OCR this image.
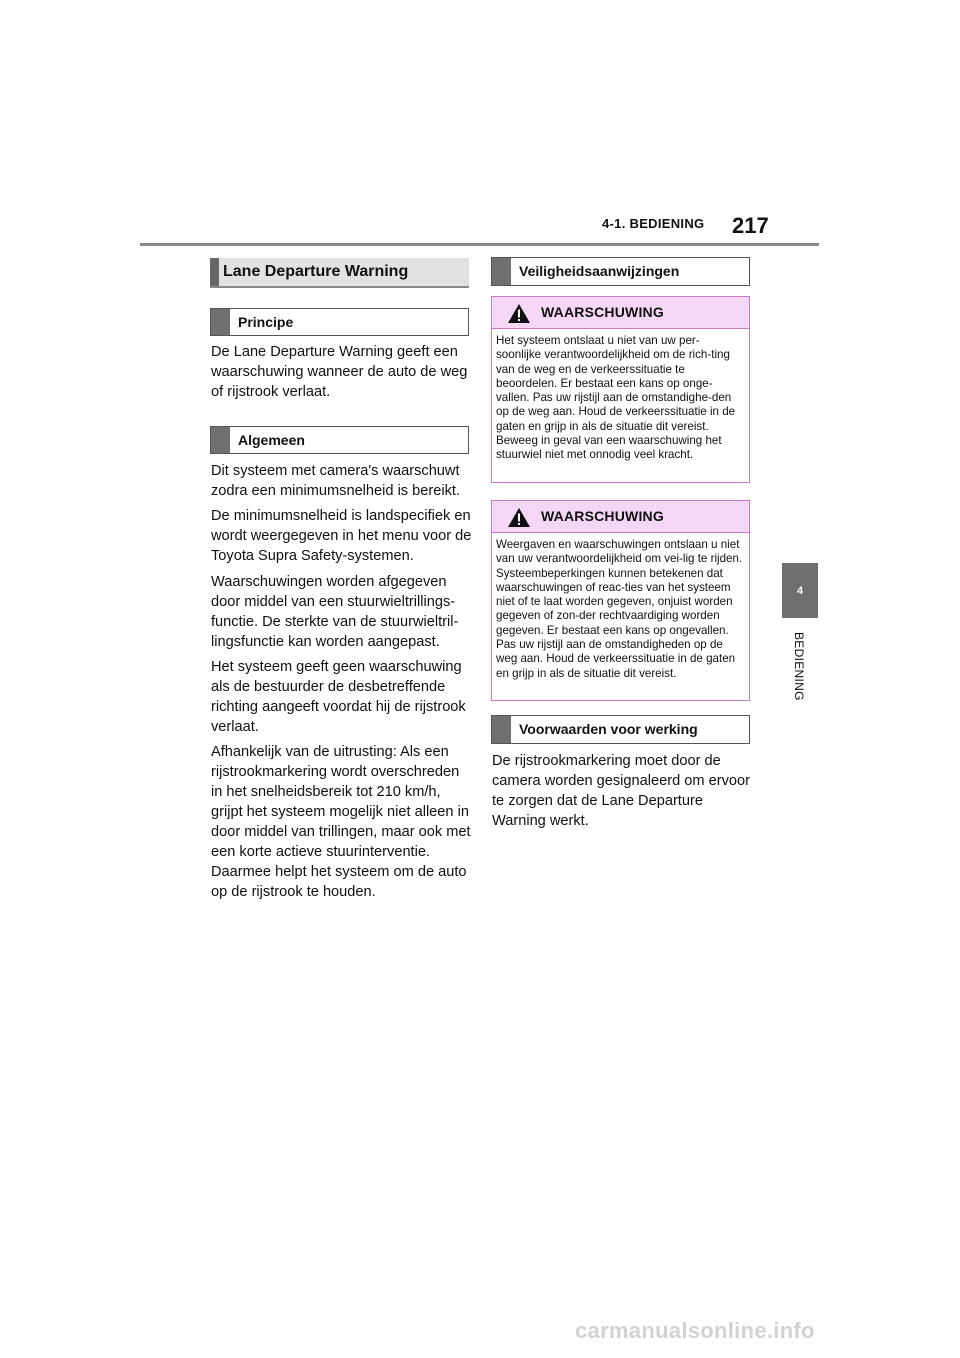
4-1. BEDIENING 217
4
BEDIENING
Lane Departure Warning
Principe
De Lane Departure Warning geeft een waarschuwing wanneer de auto de weg of rijstrook verlaat.
Algemeen
Dit systeem met camera's waarschuwt zodra een minimumsnelheid is bereikt.
De minimumsnelheid is landspecifiek en wordt weergegeven in het menu voor de Toyota Supra Safety-systemen.
Waarschuwingen worden afgegeven door middel van een stuurwieltrillings-functie. De sterkte van de stuurwieltril-lingsfunctie kan worden aangepast.
Het systeem geeft geen waarschuwing als de bestuurder de desbetreffende richting aangeeft voordat hij de rijstrook verlaat.
Afhankelijk van de uitrusting: Als een rijstrookmarkering wordt overschreden in het snelheidsbereik tot 210 km/h, grijpt het systeem mogelijk niet alleen in door middel van trillingen, maar ook met een korte actieve stuurinterventie. Daarmee helpt het systeem om de auto op de rijstrook te houden.
Veiligheidsaanwijzingen
WAARSCHUWING
Het systeem ontslaat u niet van uw per-soonlijke verantwoordelijkheid om de rich-ting van de weg en de verkeerssituatie te beoordelen. Er bestaat een kans op onge-vallen. Pas uw rijstijl aan de omstandighe-den op de weg aan. Houd de verkeerssituatie in de gaten en grijp in als de situatie dit vereist. Beweeg in geval van een waarschuwing het stuurwiel niet met onnodig veel kracht.
WAARSCHUWING
Weergaven en waarschuwingen ontslaan u niet van uw verantwoordelijkheid om vei-lig te rijden. Systeembeperkingen kunnen betekenen dat waarschuwingen of reac-ties van het systeem niet of te laat worden gegeven, onjuist worden gegeven of zon-der rechtvaardiging worden gegeven. Er bestaat een kans op ongevallen. Pas uw rijstijl aan de omstandigheden op de weg aan. Houd de verkeerssituatie in de gaten en grijp in als de situatie dit vereist.
Voorwaarden voor werking
De rijstrookmarkering moet door de camera worden gesignaleerd om ervoor te zorgen dat de Lane Departure Warning werkt.
carmanualsonline.info
